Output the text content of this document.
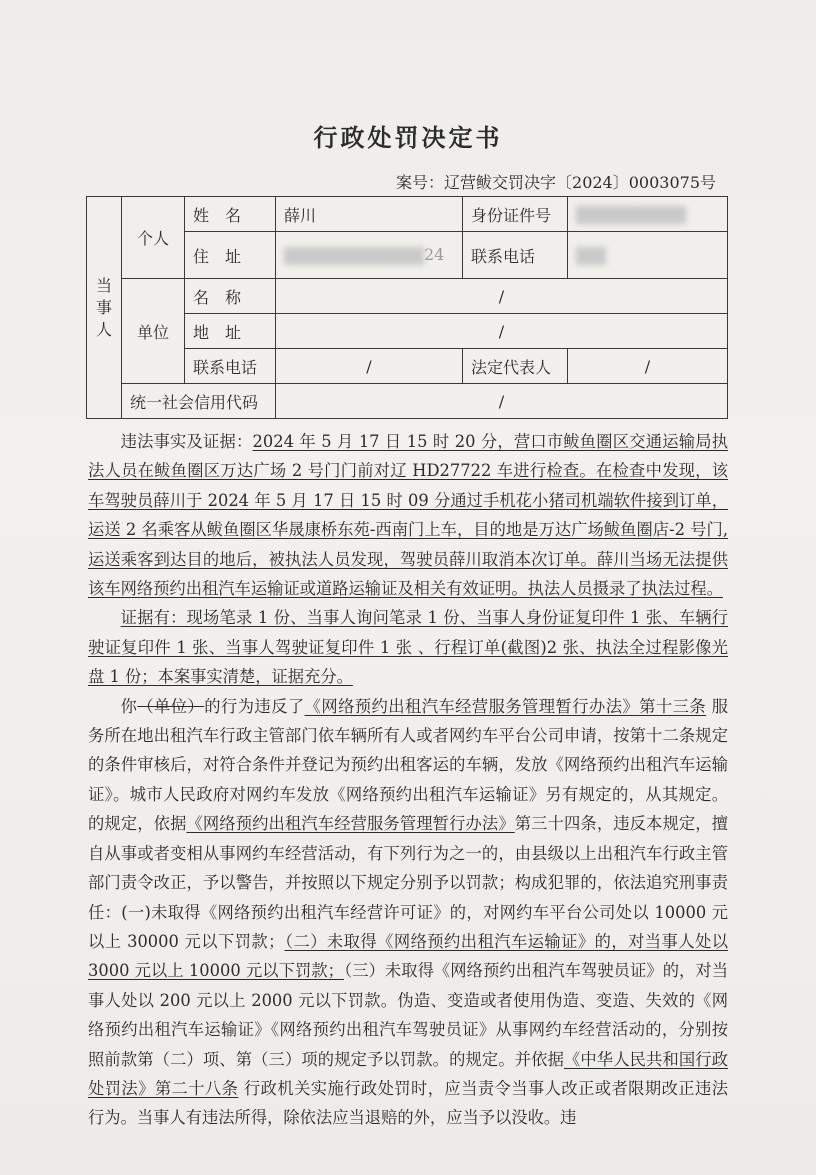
行政处罚决定书
案号：辽营鲅交罚决字〔2024〕0003075号
当事人	个人	姓　名	薛川	身份证件号	
		住　址	24	联系电话	
	单位	名　称	/		
		地　址	/		
		联系电话	/	法定代表人	/
	统一社会信用代码		/		

违法事实及证据：2024 年 5 月 17 日 15 时 20 分，营口市鲅鱼圈区交通运输局执法人员在鲅鱼圈区万达广场 2 号门门前对辽 HD27722 车进行检查。在检查中发现，该车驾驶员薛川于 2024 年 5 月 17 日 15 时 09 分通过手机花小猪司机端软件接到订单，运送 2 名乘客从鲅鱼圈区华晟康桥东苑-西南门上车，目的地是万达广场鲅鱼圈店-2 号门,运送乘客到达目的地后，被执法人员发现，驾驶员薛川取消本次订单。薛川当场无法提供该车网络预约出租汽车运输证或道路运输证及相关有效证明。执法人员摄录了执法过程。

证据有：现场笔录 1 份、当事人询问笔录 1 份、当事人身份证复印件 1 张、车辆行驶证复印件 1 张、当事人驾驶证复印件 1 张 、行程订单(截图)2 张、执法全过程影像光盘 1 份；本案事实清楚，证据充分。

你（单位）的行为违反了《网络预约出租汽车经营服务管理暂行办法》第十三条 服务所在地出租汽车行政主管部门依车辆所有人或者网约车平台公司申请，按第十二条规定的条件审核后，对符合条件并登记为预约出租客运的车辆，发放《网络预约出租汽车运输证》。城市人民政府对网约车发放《网络预约出租汽车运输证》另有规定的，从其规定。的规定，依据《网络预约出租汽车经营服务管理暂行办法》第三十四条，违反本规定，擅自从事或者变相从事网约车经营活动，有下列行为之一的，由县级以上出租汽车行政主管部门责令改正，予以警告，并按照以下规定分别予以罚款；构成犯罪的，依法追究刑事责任：(一)未取得《网络预约出租汽车经营许可证》的，对网约车平台公司处以 10000 元以上 30000 元以下罚款；（二）未取得《网络预约出租汽车运输证》的，对当事人处以 3000 元以上 10000 元以下罚款；（三）未取得《网络预约出租汽车驾驶员证》的，对当事人处以 200 元以上 2000 元以下罚款。伪造、变造或者使用伪造、变造、失效的《网络预约出租汽车运输证》《网络预约出租汽车驾驶员证》从事网约车经营活动的，分别按照前款第（二）项、第（三）项的规定予以罚款。的规定。并依据《中华人民共和国行政处罚法》第二十八条 行政机关实施行政处罚时，应当责令当事人改正或者限期改正违法行为。当事人有违法所得，除依法应当退赔的外，应当予以没收。违
